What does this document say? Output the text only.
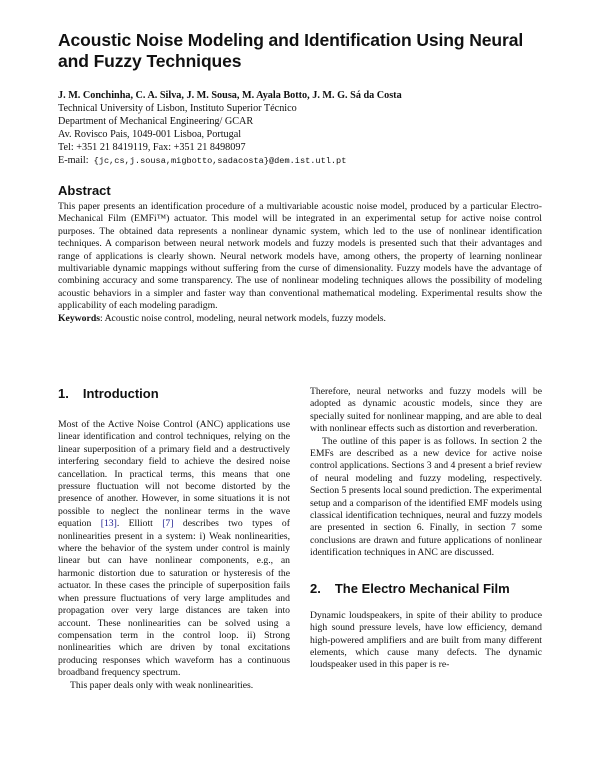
Acoustic Noise Modeling and Identification Using Neural and Fuzzy Techniques
J. M. Conchinha, C. A. Silva, J. M. Sousa, M. Ayala Botto, J. M. G. Sá da Costa
Technical University of Lisbon, Instituto Superior Técnico
Department of Mechanical Engineering/ GCAR
Av. Rovisco Pais, 1049-001 Lisboa, Portugal
Tel: +351 21 8419119, Fax: +351 21 8498097
E-mail: {jc,cs,j.sousa,migbotto,sadacosta}@dem.ist.utl.pt
Abstract

This paper presents an identification procedure of a multivariable acoustic noise model, produced by a particular Electro-Mechanical Film (EMFi™) actuator. This model will be integrated in an experimental setup for active noise control purposes. The obtained data represents a nonlinear dynamic system, which led to the use of nonlinear identification techniques. A comparison between neural network models and fuzzy models is presented such that their advantages and range of applications is clearly shown. Neural network models have, among others, the property of learning nonlinear multivariable dynamic mappings without suffering from the curse of dimensionality. Fuzzy models have the advantage of combining accuracy and some transparency. The use of nonlinear modeling techniques allows the possibility of modeling acoustic behaviors in a simpler and faster way than conventional mathematical modeling. Experimental results show the applicability of each modeling paradigm.

Keywords: Acoustic noise control, modeling, neural network models, fuzzy models.
1. Introduction

Most of the Active Noise Control (ANC) applications use linear identification and control techniques, relying on the linear superposition of a primary field and a destructively interfering secondary field to achieve the desired noise cancellation. In practical terms, this means that one pressure fluctuation will not become distorted by the presence of another. However, in some situations it is not possible to neglect the nonlinear terms in the wave equation [13]. Elliott [7] describes two types of nonlinearities present in a system: i) Weak nonlinearities, where the behavior of the system under control is mainly linear but can have nonlinear components, e.g., an harmonic distortion due to saturation or hysteresis of the actuator. In these cases the principle of superposition fails when pressure fluctuations of very large amplitudes and propagation over very large distances are taken into account. These nonlinearities can be solved using a compensation term in the control loop. ii) Strong nonlinearities which are driven by tonal excitations producing responses which waveform has a continuous broadband frequency spectrum.

This paper deals only with weak nonlinearities.

Therefore, neural networks and fuzzy models will be adopted as dynamic acoustic models, since they are specially suited for nonlinear mapping, and are able to deal with nonlinear effects such as distortion and reverberation.

The outline of this paper is as follows. In section 2 the EMFs are described as a new device for active noise control applications. Sections 3 and 4 present a brief review of neural modeling and fuzzy modeling, respectively. Section 5 presents local sound prediction. The experimental setup and a comparison of the identified EMF models using classical identification techniques, neural and fuzzy models are presented in section 6. Finally, in section 7 some conclusions are drawn and future applications of nonlinear identification techniques in ANC are discussed.

2. The Electro Mechanical Film

Dynamic loudspeakers, in spite of their ability to produce high sound pressure levels, have low efficiency, demand high-powered amplifiers and are built from many different elements, which cause many defects. The dynamic loudspeaker used in this paper is re-
